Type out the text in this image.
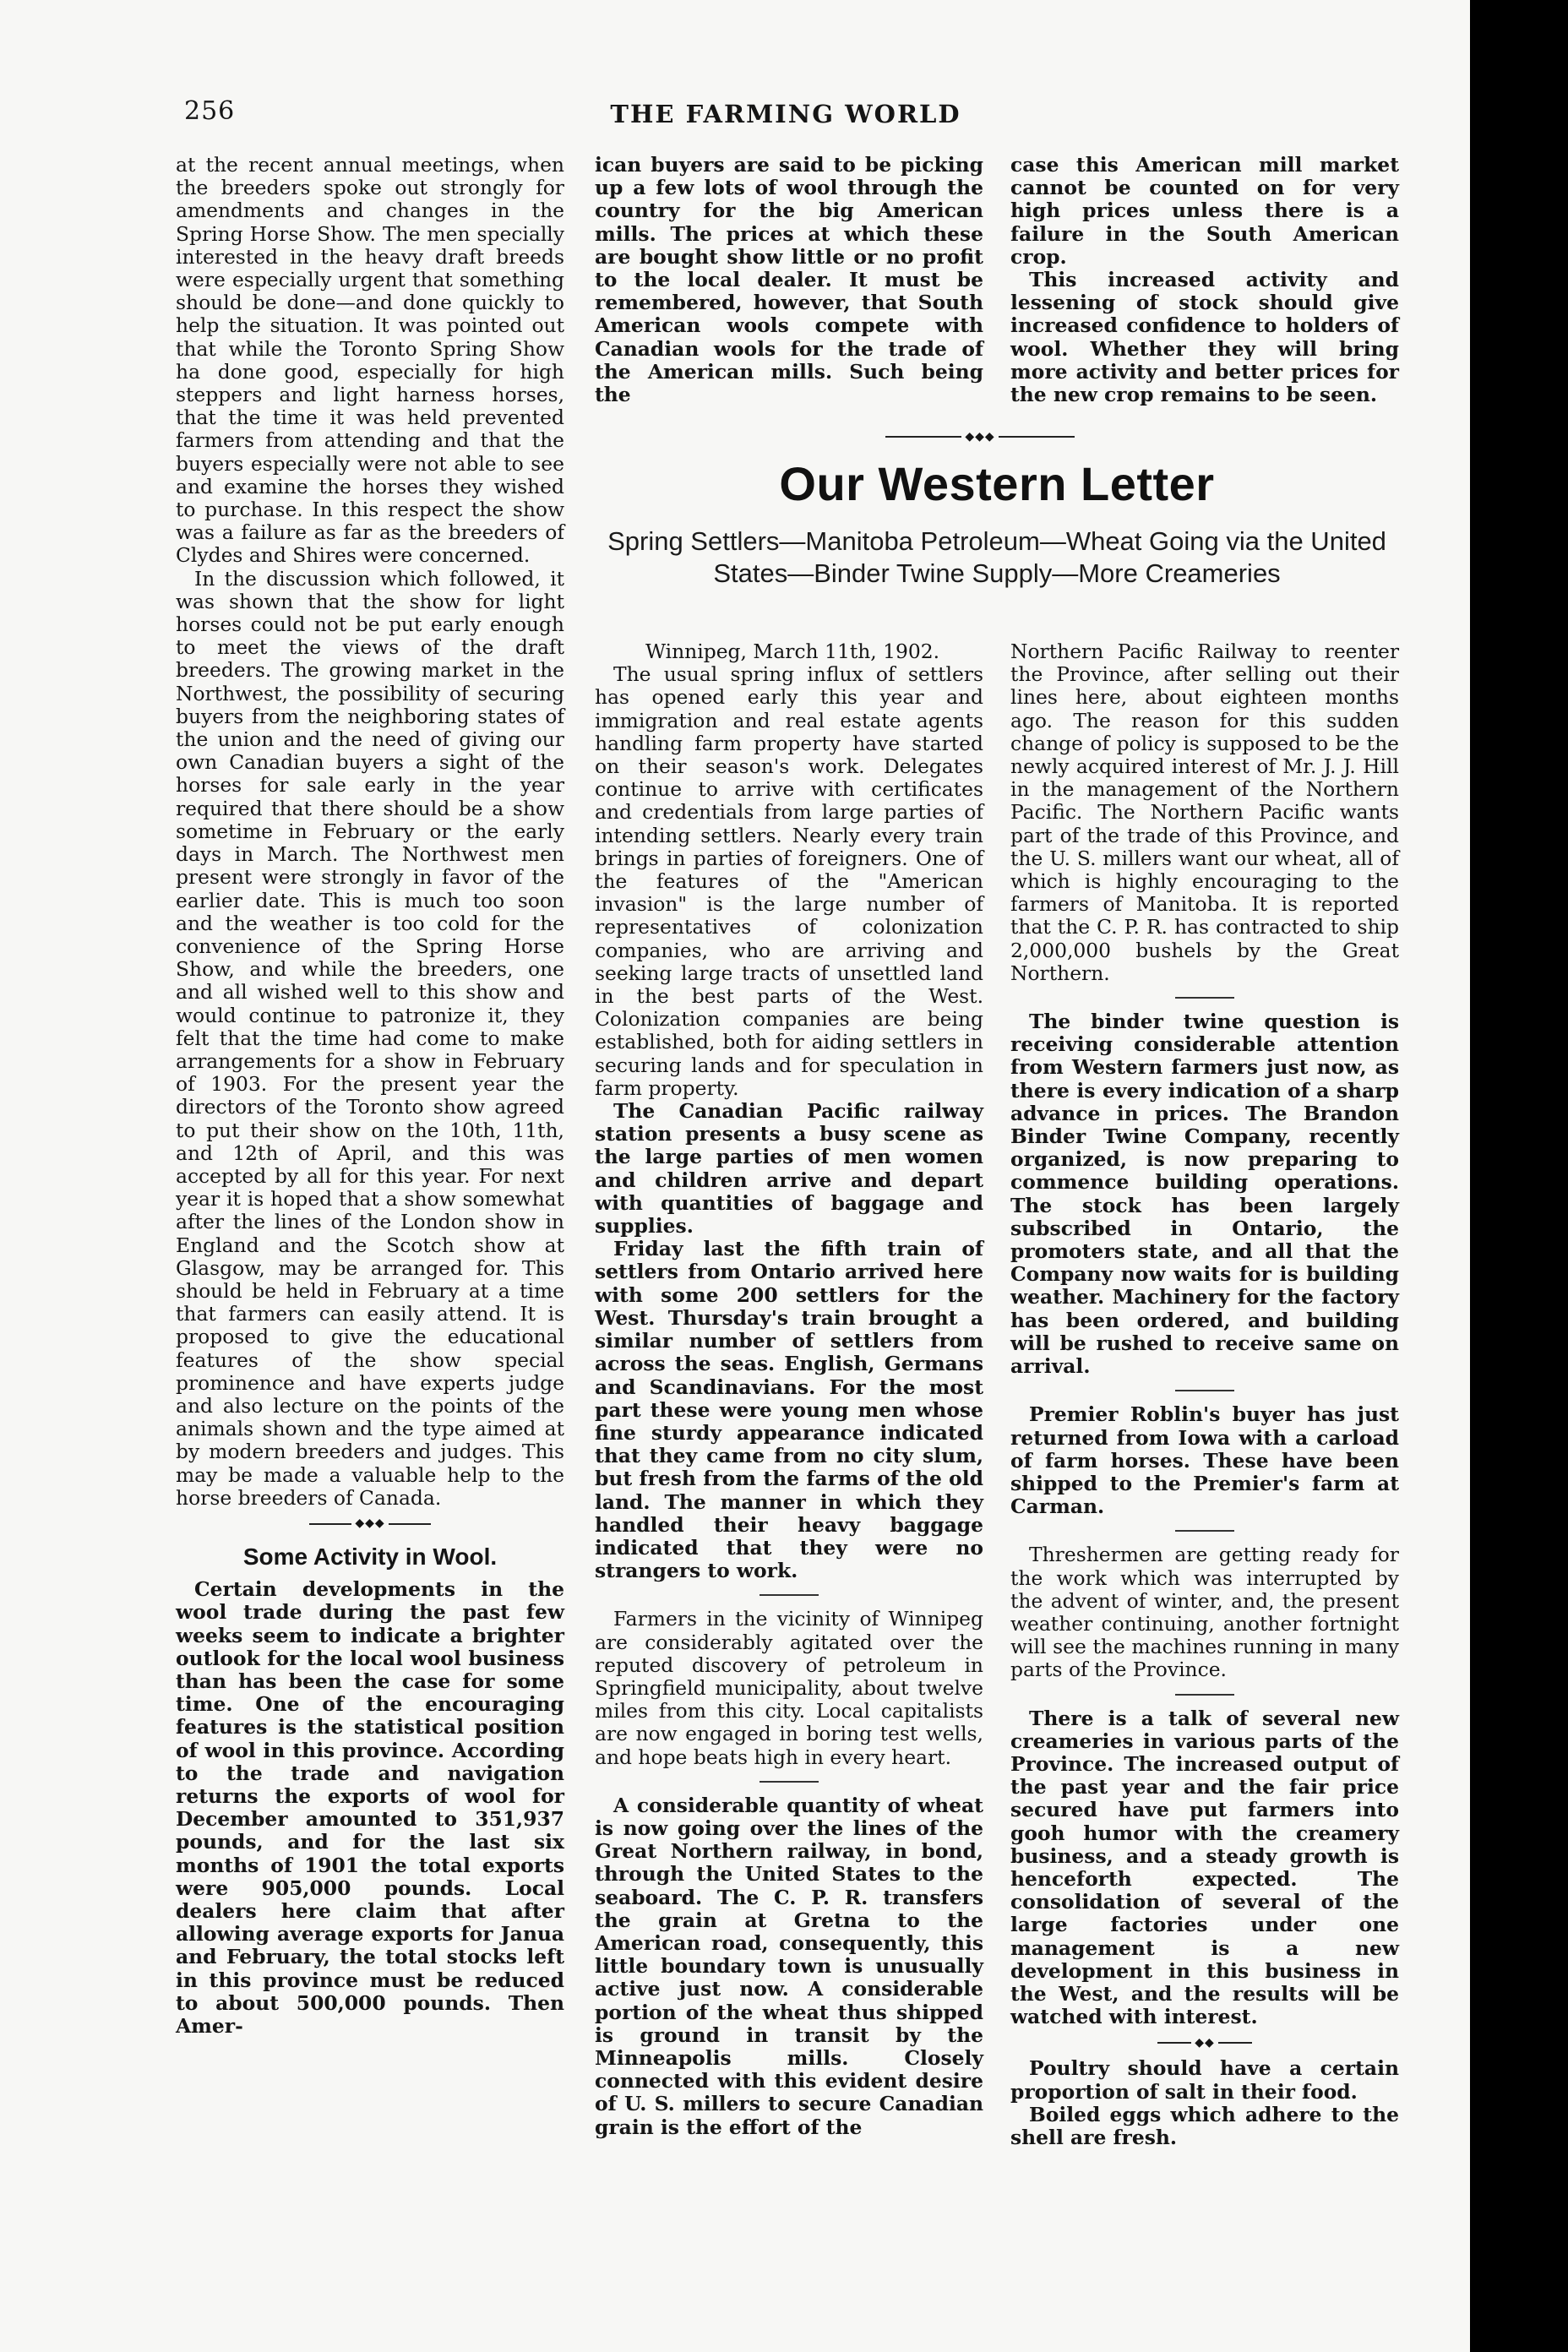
256	THE FARMING WORLD

at the recent annual meetings, when the breeders spoke out strongly for amendments and changes in the Spring Horse Show. The men specially interested in the heavy draft breeds were especially urgent that something should be done—and done quickly to help the situation. It was pointed out that while the Toronto Spring Show ha done good, especially for high steppers and light harness horses, that the time it was held prevented farmers from attending and that the buyers especially were not able to see and examine the horses they wished to purchase. In this respect the show was a failure as far as the breeders of Clydes and Shires were concerned.

In the discussion which followed, it was shown that the show for light horses could not be put early enough to meet the views of the draft breeders. The growing market in the Northwest, the possibility of securing buyers from the neighboring states of the union and the need of giving our own Canadian buyers a sight of the horses for sale early in the year required that there should be a show sometime in February or the early days in March. The Northwest men present were strongly in favor of the earlier date. This is much too soon and the weather is too cold for the convenience of the Spring Horse Show, and while the breeders, one and all wished well to this show and would continue to patronize it, they felt that the time had come to make arrangements for a show in February of 1903. For the present year the directors of the Toronto show agreed to put their show on the 10th, 11th, and 12th of April, and this was accepted by all for this year. For next year it is hoped that a show somewhat after the lines of the London show in England and the Scotch show at Glasgow, may be arranged for. This should be held in February at a time that farmers can easily attend. It is proposed to give the educational features of the show special prominence and have experts judge and also lecture on the points of the animals shown and the type aimed at by modern breeders and judges. This may be made a valuable help to the horse breeders of Canada.

◆◆◆
Some Activity in Wool.

Certain developments in the wool trade during the past few weeks seem to indicate a brighter outlook for the local wool business than has been the case for some time. One of the encouraging features is the statistical position of wool in this province. According to the trade and navigation returns the exports of wool for December amounted to 351,937 pounds, and for the last six months of 1901 the total exports were 905,000 pounds. Local dealers here claim that after allowing average exports for Janua and February, the total stocks left in this province must be reduced to about 500,000 pounds. Then Amer-

ican buyers are said to be picking up a few lots of wool through the country for the big American mills. The prices at which these are bought show little or no profit to the local dealer. It must be remembered, however, that South American wools compete with Canadian wools for the trade of the American mills. Such being the

case this American mill market cannot be counted on for very high prices unless there is a failure in the South American crop.

This increased activity and lessening of stock should give increased confidence to holders of wool. Whether they will bring more activity and better prices for the new crop remains to be seen.

◆◆◆
Our Western Letter
Spring Settlers—Manitoba Petroleum—Wheat Going via the United States—Binder Twine Supply—More Creameries

Winnipeg, March 11th, 1902.

The usual spring influx of settlers has opened early this year and immigration and real estate agents handling farm property have started on their season's work. Delegates continue to arrive with certificates and credentials from large parties of intending settlers. Nearly every train brings in parties of foreigners. One of the features of the "American invasion" is the large number of representatives of colonization companies, who are arriving and seeking large tracts of unsettled land in the best parts of the West. Colonization companies are being established, both for aiding settlers in securing lands and for speculation in farm property.

The Canadian Pacific railway station presents a busy scene as the large parties of men women and children arrive and depart with quantities of baggage and supplies.

Friday last the fifth train of settlers from Ontario arrived here with some 200 settlers for the West. Thursday's train brought a similar number of settlers from across the seas. English, Germans and Scandinavians. For the most part these were young men whose fine sturdy appearance indicated that they came from no city slum, but fresh from the farms of the old land. The manner in which they handled their heavy baggage indicated that they were no strangers to work.

Farmers in the vicinity of Winnipeg are considerably agitated over the reputed discovery of petroleum in Springfield municipality, about twelve miles from this city. Local capitalists are now engaged in boring test wells, and hope beats high in every heart.

A considerable quantity of wheat is now going over the lines of the Great Northern railway, in bond, through the United States to the seaboard. The C. P. R. transfers the grain at Gretna to the American road, consequently, this little boundary town is unusually active just now. A considerable portion of the wheat thus shipped is ground in transit by the Minneapolis mills. Closely connected with this evident desire of U. S. millers to secure Canadian grain is the effort of the

Northern Pacific Railway to reenter the Province, after selling out their lines here, about eighteen months ago. The reason for this sudden change of policy is supposed to be the newly acquired interest of Mr. J. J. Hill in the management of the Northern Pacific. The Northern Pacific wants part of the trade of this Province, and the U. S. millers want our wheat, all of which is highly encouraging to the farmers of Manitoba. It is reported that the C. P. R. has contracted to ship 2,000,000 bushels by the Great Northern.

The binder twine question is receiving considerable attention from Western farmers just now, as there is every indication of a sharp advance in prices. The Brandon Binder Twine Company, recently organized, is now preparing to commence building operations. The stock has been largely subscribed in Ontario, the promoters state, and all that the Company now waits for is building weather. Machinery for the factory has been ordered, and building will be rushed to receive same on arrival.

Premier Roblin's buyer has just returned from Iowa with a carload of farm horses. These have been shipped to the Premier's farm at Carman.

Threshermen are getting ready for the work which was interrupted by the advent of winter, and, the present weather continuing, another fortnight will see the machines running in many parts of the Province.

There is a talk of several new creameries in various parts of the Province. The increased output of the past year and the fair price secured have put farmers into gooh humor with the creamery business, and a steady growth is henceforth expected. The consolidation of several of the large factories under one management is a new development in this business in the West, and the results will be watched with interest.

◆◆

Poultry should have a certain proportion of salt in their food.

Boiled eggs which adhere to the shell are fresh.
